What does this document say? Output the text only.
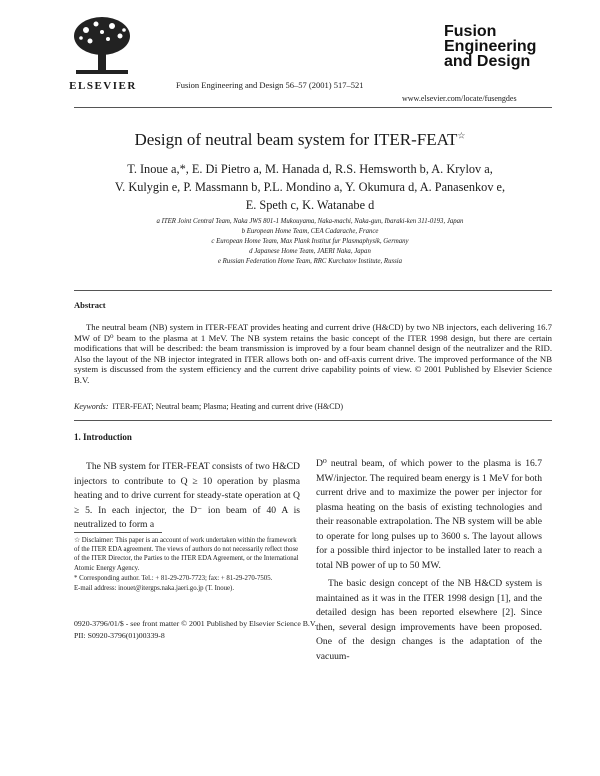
ELSEVIER	Fusion Engineering and Design 56–57 (2001) 517–521
Fusion
Engineering
and Design
www.elsevier.com/locate/fusengdes
Design of neutral beam system for ITER-FEAT☆
T. Inoue a,*, E. Di Pietro a, M. Hanada d, R.S. Hemsworth b, A. Krylov a,
V. Kulygin e, P. Massmann b, P.L. Mondino a, Y. Okumura d, A. Panasenkov e,
E. Speth c, K. Watanabe d
a ITER Joint Central Team, Naka JWS 801-1 Mukouyama, Naka-machi, Naka-gun, Ibaraki-ken 311-0193, Japan
b European Home Team, CEA Cadarache, France
c European Home Team, Max Plank Institut fur Plasmaphysik, Germany
d Japanese Home Team, JAERI Naka, Japan
e Russian Federation Home Team, RRC Kurchatov Institute, Russia
Abstract
The neutral beam (NB) system in ITER-FEAT provides heating and current drive (H&CD) by two NB injectors, each delivering 16.7 MW of D⁰ beam to the plasma at 1 MeV. The NB system retains the basic concept of the ITER 1998 design, but there are certain modifications that will be described: the beam transmission is improved by a four beam channel design of the neutralizer and the RID. Also the layout of the NB injector integrated in ITER allows both on- and off-axis current drive. The improved performance of the NB system is discussed from the system efficiency and the current drive capability points of view. © 2001 Published by Elsevier Science B.V.
Keywords: ITER-FEAT; Neutral beam; Plasma; Heating and current drive (H&CD)
1. Introduction

The NB system for ITER-FEAT consists of two H&CD injectors to contribute to Q ≥ 10 operation by plasma heating and to drive current for steady-state operation at Q ≥ 5. In each injector, the D⁻ ion beam of 40 A is neutralized to form a

D⁰ neutral beam, of which power to the plasma is 16.7 MW/injector. The required beam energy is 1 MeV for both current drive and to maximize the power per injector for plasma heating on the basis of existing technologies and their reasonable extrapolation. The NB system will be able to operate for long pulses up to 3600 s. The layout allows for a possible third injector to be installed later to reach a total NB power of up to 50 MW.

The basic design concept of the NB H&CD system is maintained as it was in the ITER 1998 design [1], and the detailed design has been reported elsewhere [2]. Since then, several design improvements have been proposed. One of the design changes is the adaptation of the vacuum-

☆ Disclaimer: This paper is an account of work undertaken within the framework of the ITER EDA agreement. The views of authors do not necessarily reflect those of the ITER Director, the Parties to the ITER EDA Agreement, or the International Atomic Energy Agency.

* Corresponding author. Tel.: + 81-29-270-7723; fax: + 81-29-270-7505.

E-mail address: inouet@itergps.naka.jaeri.go.jp (T. Inoue).

0920-3796/01/$ - see front matter © 2001 Published by Elsevier Science B.V.
PII: S0920-3796(01)00339-8
